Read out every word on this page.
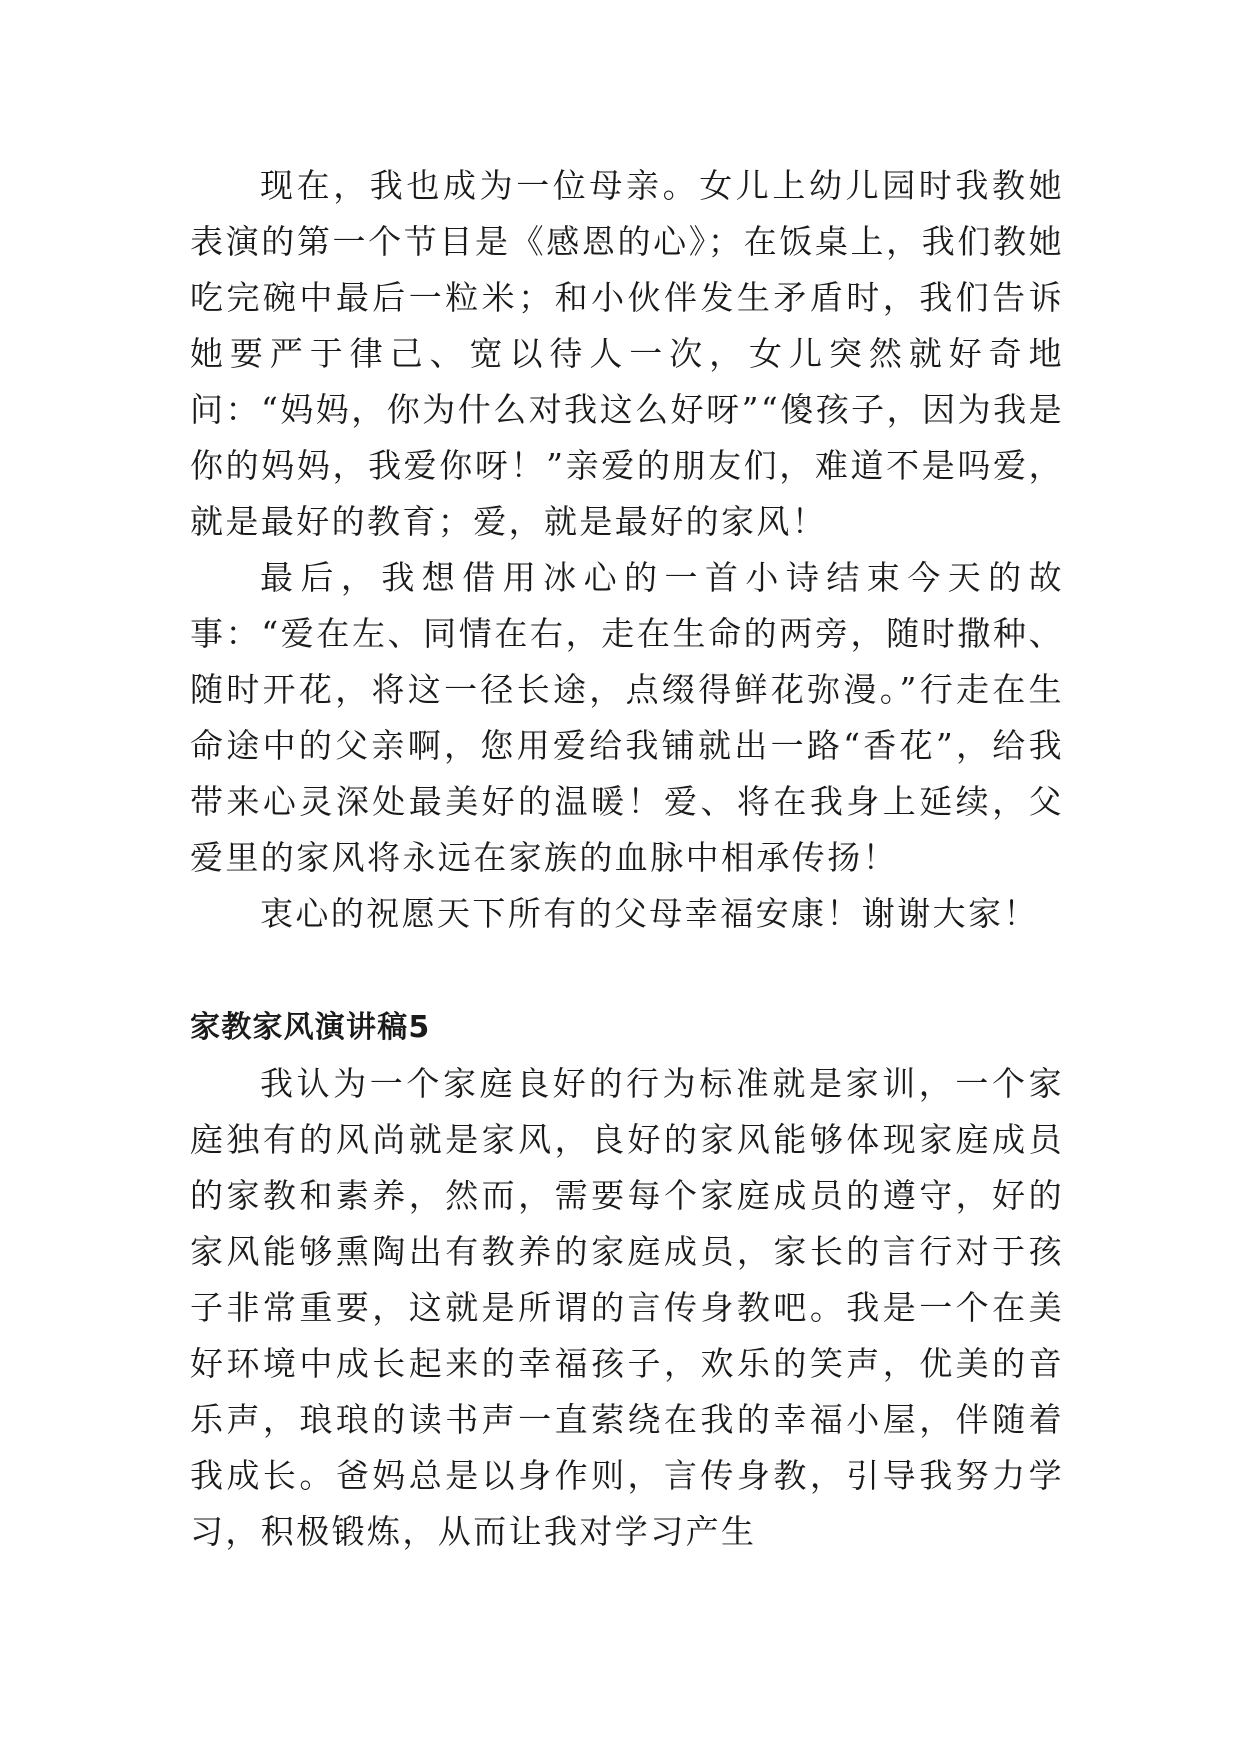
现在，我也成为一位母亲。女儿上幼儿园时我教她表演的第一个节目是《感恩的心》；在饭桌上，我们教她吃完碗中最后一粒米；和小伙伴发生矛盾时，我们告诉她要严于律己、宽以待人一次，女儿突然就好奇地问：“妈妈，你为什么对我这么好呀”“傻孩子，因为我是你的妈妈，我爱你呀！”亲爱的朋友们，难道不是吗爱，就是最好的教育；爱，就是最好的家风！

最后，我想借用冰心的一首小诗结束今天的故事：“爱在左、同情在右，走在生命的两旁，随时撒种、随时开花，将这一径长途，点缀得鲜花弥漫。”行走在生命途中的父亲啊，您用爱给我铺就出一路“香花”，给我带来心灵深处最美好的温暖！爱、将在我身上延续，父爱里的家风将永远在家族的血脉中相承传扬！

衷心的祝愿天下所有的父母幸福安康！谢谢大家！

家教家风演讲稿5

我认为一个家庭良好的行为标准就是家训，一个家庭独有的风尚就是家风，良好的家风能够体现家庭成员的家教和素养，然而，需要每个家庭成员的遵守，好的家风能够熏陶出有教养的家庭成员，家长的言行对于孩子非常重要，这就是所谓的言传身教吧。我是一个在美好环境中成长起来的幸福孩子，欢乐的笑声，优美的音乐声，琅琅的读书声一直萦绕在我的幸福小屋，伴随着我成长。爸妈总是以身作则，言传身教，引导我努力学习，积极锻炼，从而让我对学习产生
